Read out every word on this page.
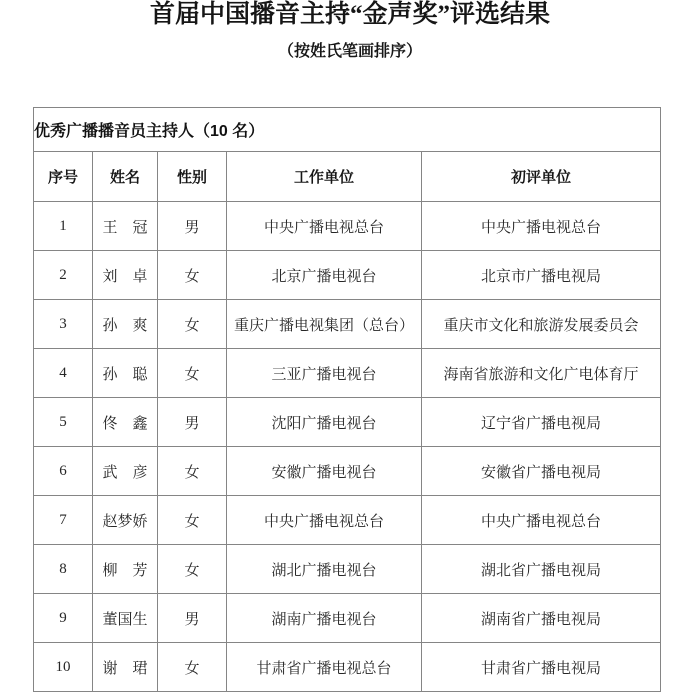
首届中国播音主持“金声奖”评选结果
（按姓氏笔画排序）
优秀广播播音员主持人（10 名）				
序号	姓名	性别	工作单位	初评单位
1	王　冠	男	中央广播电视总台	中央广播电视总台
2	刘　卓	女	北京广播电视台	北京市广播电视局
3	孙　爽	女	重庆广播电视集团（总台）	重庆市文化和旅游发展委员会
4	孙　聪	女	三亚广播电视台	海南省旅游和文化广电体育厅
5	佟　鑫	男	沈阳广播电视台	辽宁省广播电视局
6	武　彦	女	安徽广播电视台	安徽省广播电视局
7	赵梦娇	女	中央广播电视总台	中央广播电视总台
8	柳　芳	女	湖北广播电视台	湖北省广播电视局
9	董国生	男	湖南广播电视台	湖南省广播电视局
10	谢　珺	女	甘肃省广播电视总台	甘肃省广播电视局
